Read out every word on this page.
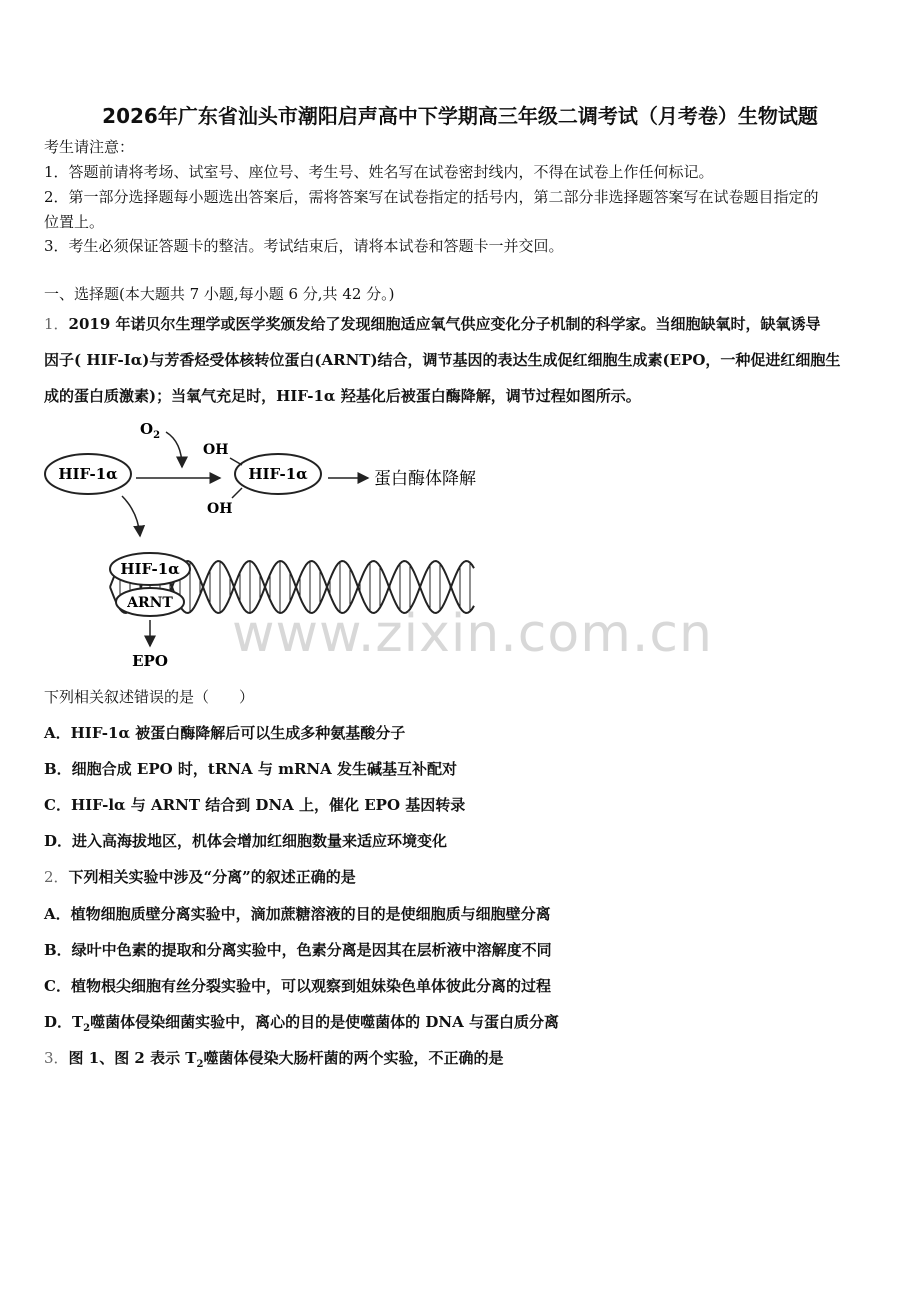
2026年广东省汕头市潮阳启声高中下学期高三年级二调考试（月考卷）生物试题
考生请注意：
1．答题前请将考场、试室号、座位号、考生号、姓名写在试卷密封线内，不得在试卷上作任何标记。
2．第一部分选择题每小题选出答案后，需将答案写在试卷指定的括号内，第二部分非选择题答案写在试卷题目指定的
位置上。
3．考生必须保证答题卡的整洁。考试结束后，请将本试卷和答题卡一并交回。
一、选择题(本大题共 7 小题,每小题 6 分,共 42 分。)
1．2019 年诺贝尔生理学或医学奖颁发给了发现细胞适应氧气供应变化分子机制的科学家。当细胞缺氧时，缺氧诱导
因子( HIF-Iα)与芳香烃受体核转位蛋白(ARNT)结合，调节基因的表达生成促红细胞生成素(EPO，一种促进红细胞生
成的蛋白质激素)；当氧气充足时，HIF-1α 羟基化后被蛋白酶降解，调节过程如图所示。
$O_2$
HIF-1α
OH
OH
HIF-1α	蛋白酶体降解
HIF-1α
ARNT
EPO www.zixin.com.cn
下列相关叙述错误的是（　　）
A．HIF-1α 被蛋白酶降解后可以生成多种氨基酸分子
B．细胞合成 EPO 时，tRNA 与 mRNA 发生碱基互补配对
C．HIF-lα 与 ARNT 结合到 DNA 上，催化 EPO 基因转录
D．进入高海拔地区，机体会增加红细胞数量来适应环境变化
2．下列相关实验中涉及“分离”的叙述正确的是
A．植物细胞质壁分离实验中，滴加蔗糖溶液的目的是使细胞质与细胞壁分离
B．绿叶中色素的提取和分离实验中，色素分离是因其在层析液中溶解度不同
C．植物根尖细胞有丝分裂实验中，可以观察到姐妹染色单体彼此分离的过程
D．$T_2$噬菌体侵染细菌实验中，离心的目的是使噬菌体的 DNA 与蛋白质分离
3．图 1、图 2 表示 $T_2$噬菌体侵染大肠杆菌的两个实验，不正确的是
